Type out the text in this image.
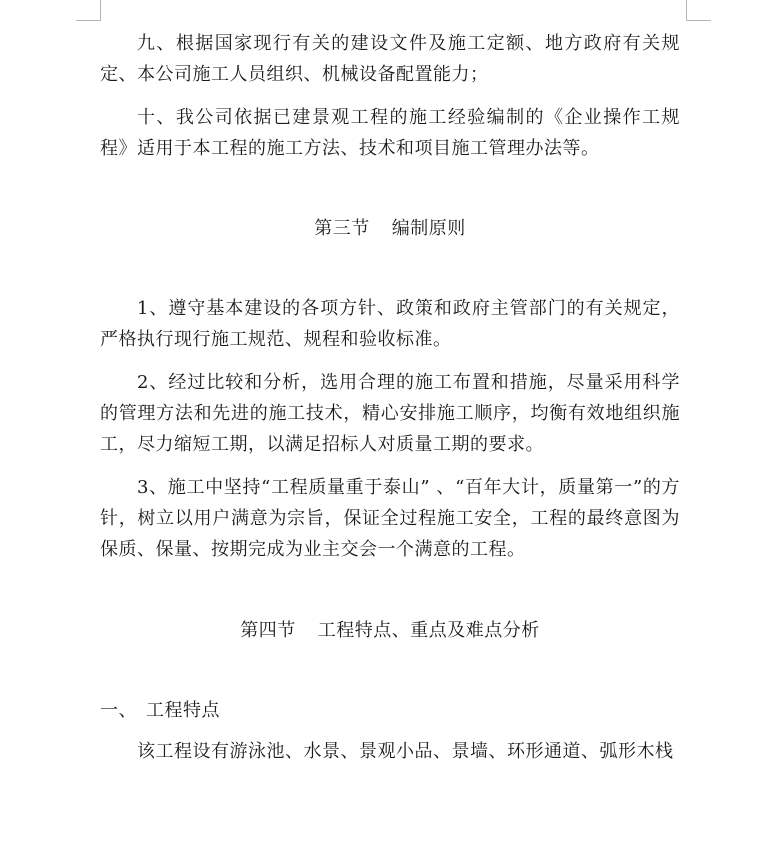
九、根据国家现行有关的建设文件及施工定额、地方政府有关规定、本公司施工人员组织、机械设备配置能力；

十、我公司依据已建景观工程的施工经验编制的《企业操作工规程》适用于本工程的施工方法、技术和项目施工管理办法等。

第三节 编制原则

1、遵守基本建设的各项方针、政策和政府主管部门的有关规定，严格执行现行施工规范、规程和验收标准。

2、经过比较和分析，选用合理的施工布置和措施，尽量采用科学的管理方法和先进的施工技术，精心安排施工顺序，均衡有效地组织施工，尽力缩短工期，以满足招标人对质量工期的要求。

3、施工中坚持“工程质量重于泰山” 、“百年大计，质量第一”的方针，树立以用户满意为宗旨，保证全过程施工安全，工程的最终意图为保质、保量、按期完成为业主交会一个满意的工程。

第四节 工程特点、重点及难点分析

一、 工程特点

该工程设有游泳池、水景、景观小品、景墙、环形通道、弧形木栈
